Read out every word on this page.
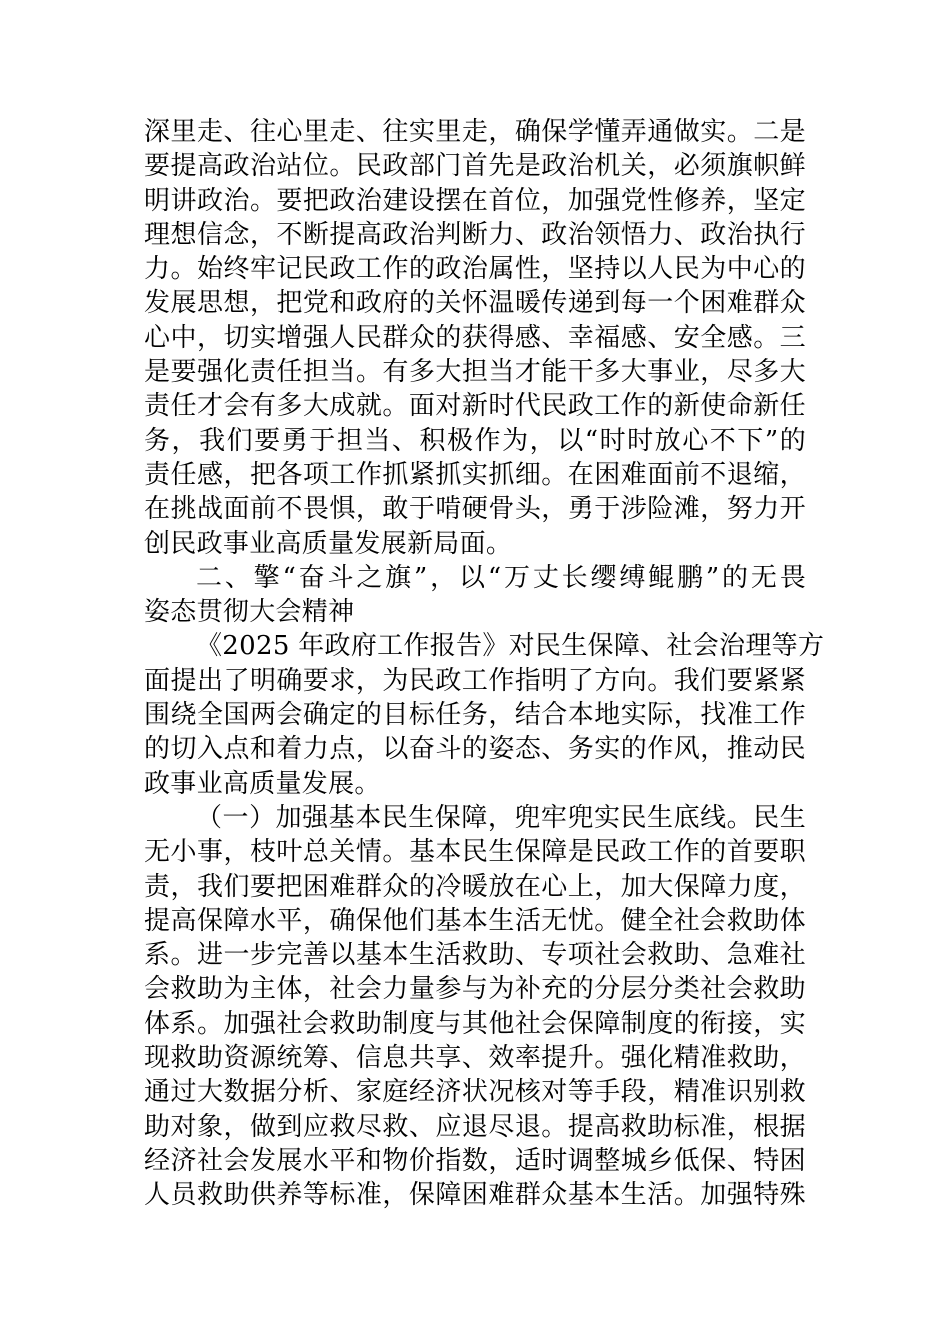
深里走、往心里走、往实里走，确保学懂弄通做实。二是
要提高政治站位。民政部门首先是政治机关，必须旗帜鲜
明讲政治。要把政治建设摆在首位，加强党性修养，坚定
理想信念，不断提高政治判断力、政治领悟力、政治执行
力。始终牢记民政工作的政治属性，坚持以人民为中心的
发展思想，把党和政府的关怀温暖传递到每一个困难群众
心中，切实增强人民群众的获得感、幸福感、安全感。三
是要强化责任担当。有多大担当才能干多大事业，尽多大
责任才会有多大成就。面对新时代民政工作的新使命新任
务，我们要勇于担当、积极作为，以“时时放心不下”的
责任感，把各项工作抓紧抓实抓细。在困难面前不退缩，
在挑战面前不畏惧，敢于啃硬骨头，勇于涉险滩，努力开
创民政事业高质量发展新局面。
二、擎“奋斗之旗”，以“万丈长缨缚鲲鹏”的无畏
姿态贯彻大会精神
《2025 年政府工作报告》对民生保障、社会治理等方
面提出了明确要求，为民政工作指明了方向。我们要紧紧
围绕全国两会确定的目标任务，结合本地实际，找准工作
的切入点和着力点，以奋斗的姿态、务实的作风，推动民
政事业高质量发展。
（一）加强基本民生保障，兜牢兜实民生底线。民生
无小事，枝叶总关情。基本民生保障是民政工作的首要职
责，我们要把困难群众的冷暖放在心上，加大保障力度，
提高保障水平，确保他们基本生活无忧。健全社会救助体
系。进一步完善以基本生活救助、专项社会救助、急难社
会救助为主体，社会力量参与为补充的分层分类社会救助
体系。加强社会救助制度与其他社会保障制度的衔接，实
现救助资源统筹、信息共享、效率提升。强化精准救助，
通过大数据分析、家庭经济状况核对等手段，精准识别救
助对象，做到应救尽救、应退尽退。提高救助标准，根据
经济社会发展水平和物价指数，适时调整城乡低保、特困
人员救助供养等标准，保障困难群众基本生活。加强特殊
